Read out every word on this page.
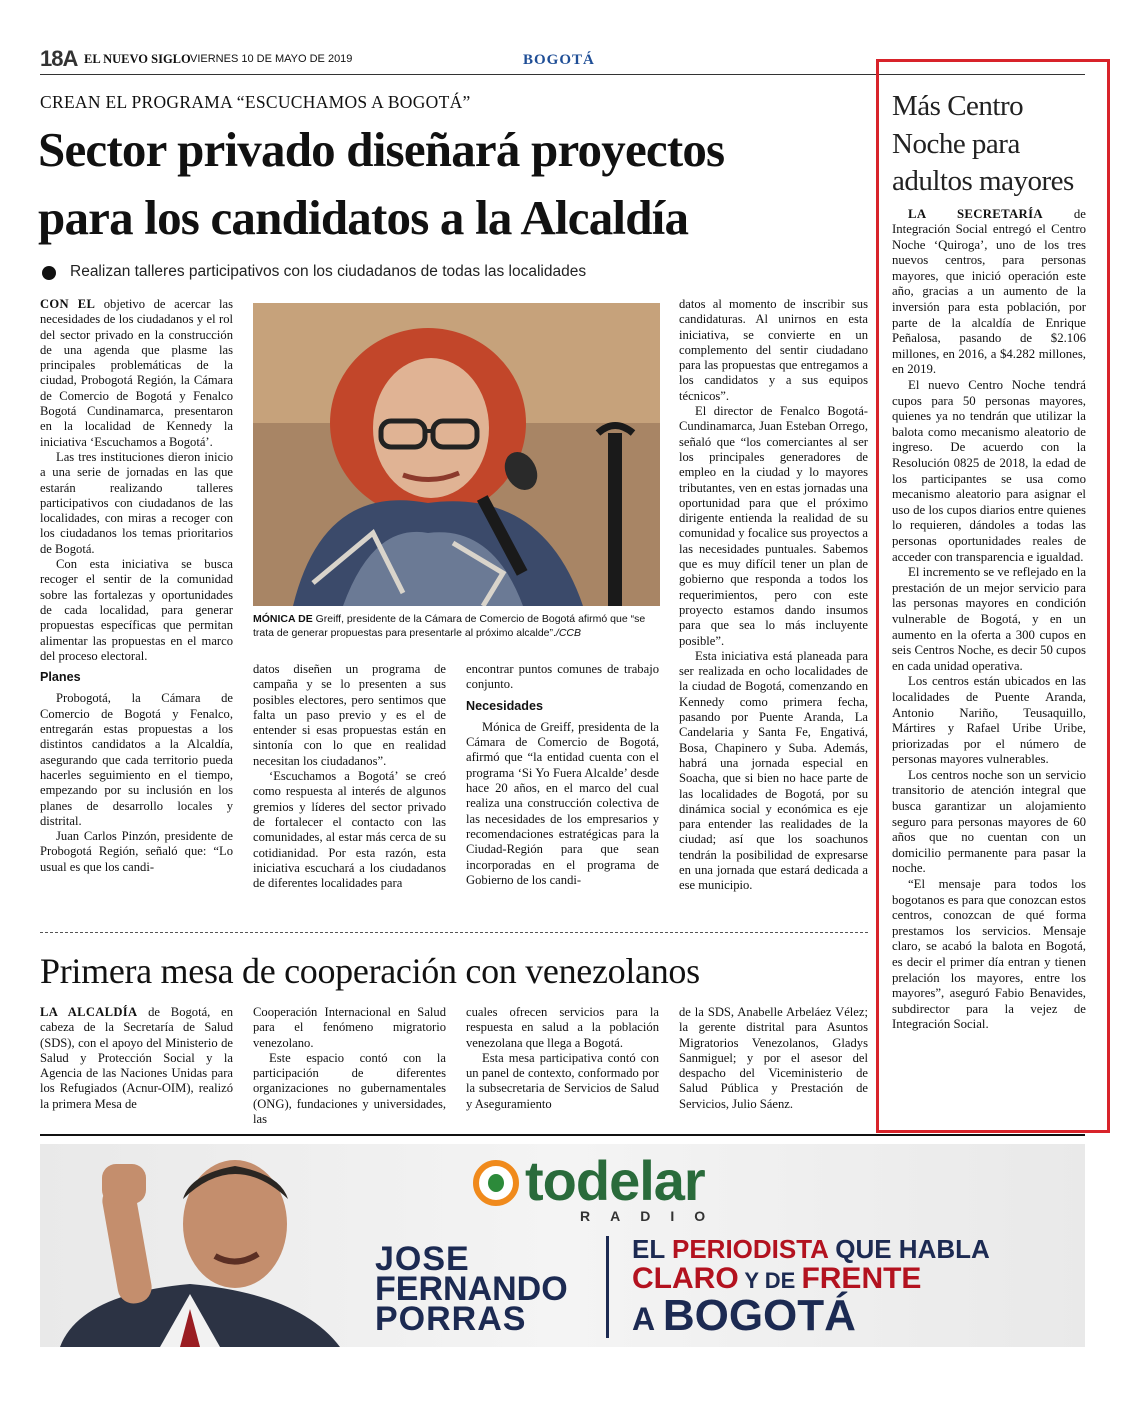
18A EL NUEVO SIGLO VIERNES 10 DE MAYO DE 2019	BOGOTÁ
CREAN EL PROGRAMA “ESCUCHAMOS A BOGOTÁ”
Sector privado diseñará proyectos
para los candidatos a la Alcaldía
Realizan talleres participativos con los ciudadanos de todas las localidades

CON EL objetivo de acercar las necesidades de los ciudadanos y el rol del sector privado en la construcción de una agenda que plasme las principales problemáticas de la ciudad, Probogotá Región, la Cámara de Comercio de Bogotá y Fenalco Bogotá Cundinamarca, presentaron en la localidad de Kennedy la iniciativa ‘Escuchamos a Bogotá’.

Las tres instituciones dieron inicio a una serie de jornadas en las que estarán realizando talleres participativos con ciudadanos de las localidades, con miras a recoger con los ciudadanos los temas prioritarios de Bogotá.

Con esta iniciativa se busca recoger el sentir de la comunidad sobre las fortalezas y oportunidades de cada localidad, para generar propuestas específicas que permitan alimentar las propuestas en el marco del proceso electoral.

Planes

Probogotá, la Cámara de Comercio de Bogotá y Fenalco, entregarán estas propuestas a los distintos candidatos a la Alcaldía, asegurando que cada territorio pueda hacerles seguimiento en el tiempo, empezando por su inclusión en los planes de desarrollo locales y distrital.

Juan Carlos Pinzón, presidente de Probogotá Región, señaló que: “Lo usual es que los candi-

MÓNICA DE Greiff, presidente de la Cámara de Comercio de Bogotá afirmó que “se trata de generar propuestas para presentarle al próximo alcalde”./CCB

datos diseñen un programa de campaña y se lo presenten a sus posibles electores, pero sentimos que falta un paso previo y es el de entender si esas propuestas están en sintonía con lo que en realidad necesitan los ciudadanos”.

‘Escuchamos a Bogotá’ se creó como respuesta al interés de algunos gremios y líderes del sector privado de fortalecer el contacto con las comunidades, al estar más cerca de su cotidianidad. Por esta razón, esta iniciativa escuchará a los ciudadanos de diferentes localidades para

encontrar puntos comunes de trabajo conjunto.

Necesidades

Mónica de Greiff, presidenta de la Cámara de Comercio de Bogotá, afirmó que “la entidad cuenta con el programa ‘Si Yo Fuera Alcalde’ desde hace 20 años, en el marco del cual realiza una construcción colectiva de las necesidades de los empresarios y recomendaciones estratégicas para la Ciudad-Región para que sean incorporadas en el programa de Gobierno de los candi-

datos al momento de inscribir sus candidaturas. Al unirnos en esta iniciativa, se convierte en un complemento del sentir ciudadano para las propuestas que entregamos a los candidatos y a sus equipos técnicos”.

El director de Fenalco Bogotá-Cundinamarca, Juan Esteban Orrego, señaló que “los comerciantes al ser los principales generadores de empleo en la ciudad y lo mayores tributantes, ven en estas jornadas una oportunidad para que el próximo dirigente entienda la realidad de su comunidad y focalice sus proyectos a las necesidades puntuales. Sabemos que es muy difícil tener un plan de gobierno que responda a todos los requerimientos, pero con este proyecto estamos dando insumos para que sea lo más incluyente posible”.

Esta iniciativa está planeada para ser realizada en ocho localidades de la ciudad de Bogotá, comenzando en Kennedy como primera fecha, pasando por Puente Aranda, La Candelaria y Santa Fe, Engativá, Bosa, Chapinero y Suba. Además, habrá una jornada especial en Soacha, que si bien no hace parte de las localidades de Bogotá, por su dinámica social y económica es eje para entender las realidades de la ciudad; así que los soachunos tendrán la posibilidad de expresarse en una jornada que estará dedicada a ese municipio.

Primera mesa de cooperación con venezolanos

LA ALCALDÍA de Bogotá, en cabeza de la Secretaría de Salud (SDS), con el apoyo del Ministerio de Salud y Protección Social y la Agencia de las Naciones Unidas para los Refugiados (Acnur-OIM), realizó la primera Mesa de

Cooperación Internacional en Salud para el fenómeno migratorio venezolano.

Este espacio contó con la participación de diferentes organizaciones no gubernamentales (ONG), fundaciones y universidades, las

cuales ofrecen servicios para la respuesta en salud a la población venezolana que llega a Bogotá.

Esta mesa participativa contó con un panel de contexto, conformado por la subsecretaria de Servicios de Salud y Aseguramiento

de la SDS, Anabelle Arbeláez Vélez; la gerente distrital para Asuntos Migratorios Venezolanos, Gladys Sanmiguel; y por el asesor del despacho del Viceministerio de Salud Pública y Prestación de Servicios, Julio Sáenz.

Más Centro Noche para adultos mayores

LA SECRETARÍA de Integración Social entregó el Centro Noche ‘Quiroga’, uno de los tres nuevos centros, para personas mayores, que inició operación este año, gracias a un aumento de la inversión para esta población, por parte de la alcaldía de Enrique Peñalosa, pasando de $2.106 millones, en 2016, a $4.282 millones, en 2019.

El nuevo Centro Noche tendrá cupos para 50 personas mayores, quienes ya no tendrán que utilizar la balota como mecanismo aleatorio de ingreso. De acuerdo con la Resolución 0825 de 2018, la edad de los participantes se usa como mecanismo aleatorio para asignar el uso de los cupos diarios entre quienes lo requieren, dándoles a todas las personas oportunidades reales de acceder con transparencia e igualdad.

El incremento se ve reflejado en la prestación de un mejor servicio para las personas mayores en condición vulnerable de Bogotá, y en un aumento en la oferta a 300 cupos en seis Centros Noche, es decir 50 cupos en cada unidad operativa.

Los centros están ubicados en las localidades de Puente Aranda, Antonio Nariño, Teusaquillo, Mártires y Rafael Uribe Uribe, priorizadas por el número de personas mayores vulnerables.

Los centros noche son un servicio transitorio de atención integral que busca garantizar un alojamiento seguro para personas mayores de 60 años que no cuentan con un domicilio permanente para pasar la noche.

“El mensaje para todos los bogotanos es para que conozcan estos centros, conozcan de qué forma prestamos los servicios. Mensaje claro, se acabó la balota en Bogotá, es decir el primer día entran y tienen prelación los mayores, entre los mayores”, aseguró Fabio Benavides, subdirector para la vejez de Integración Social.

todelar
RADIO
JOSE
FERNANDO
PORRAS
EL PERIODISTA QUE HABLA
CLARO Y DE FRENTE
A BOGOTÁ
